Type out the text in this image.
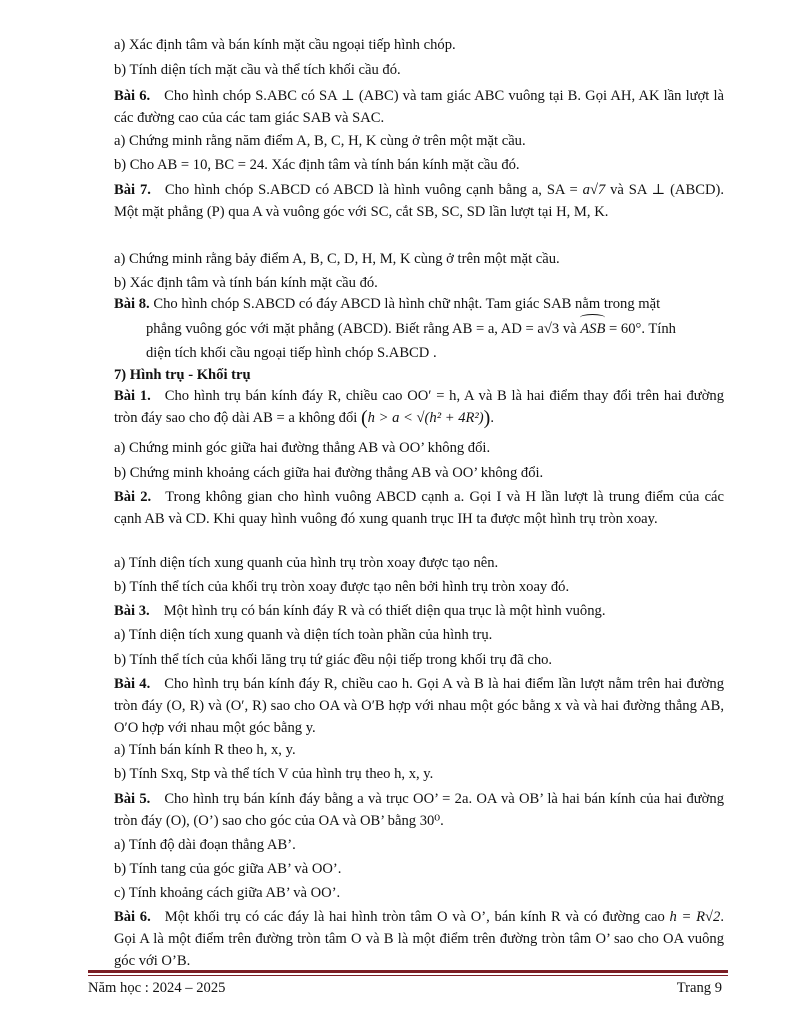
a) Xác định tâm và bán kính mặt cầu ngoại tiếp hình chóp.

b) Tính diện tích mặt cầu và thể tích khối cầu đó.

Bài 6. Cho hình chóp S.ABC có SA ⊥ (ABC) và tam giác ABC vuông tại B. Gọi AH, AK lần lượt là các đường cao của các tam giác SAB và SAC.

a) Chứng minh rằng năm điểm A, B, C, H, K cùng ở trên một mặt cầu.

b) Cho AB = 10, BC = 24. Xác định tâm và tính bán kính mặt cầu đó.

Bài 7. Cho hình chóp S.ABCD có ABCD là hình vuông cạnh bằng a, SA = a√7 và SA ⊥ (ABCD). Một mặt phẳng (P) qua A và vuông góc với SC, cắt SB, SC, SD lần lượt tại H, M, K.

a) Chứng minh rằng bảy điểm A, B, C, D, H, M, K cùng ở trên một mặt cầu.

b) Xác định tâm và tính bán kính mặt cầu đó.

Bài 8. Cho hình chóp S.ABCD có đáy ABCD là hình chữ nhật. Tam giác SAB nằm trong mặt

phẳng vuông góc với mặt phẳng (ABCD). Biết rằng AB = a, AD = a√3 và ASB = 60°. Tính

diện tích khối cầu ngoại tiếp hình chóp S.ABCD .

7) Hình trụ - Khối trụ

Bài 1. Cho hình trụ bán kính đáy R, chiều cao OO′ = h, A và B là hai điểm thay đổi trên hai đường tròn đáy sao cho độ dài AB = a không đổi (h > a < √(h² + 4R²)).

a) Chứng minh góc giữa hai đường thẳng AB và OO’ không đổi.

b) Chứng minh khoảng cách giữa hai đường thẳng AB và OO’ không đổi.

Bài 2. Trong không gian cho hình vuông ABCD cạnh a. Gọi I và H lần lượt là trung điểm của các cạnh AB và CD. Khi quay hình vuông đó xung quanh trục IH ta được một hình trụ tròn xoay.

a) Tính diện tích xung quanh của hình trụ tròn xoay được tạo nên.

b) Tính thể tích của khối trụ tròn xoay được tạo nên bởi hình trụ tròn xoay đó.

Bài 3. Một hình trụ có bán kính đáy R và có thiết diện qua trục là một hình vuông.

a) Tính diện tích xung quanh và diện tích toàn phần của hình trụ.

b) Tính thể tích của khối lăng trụ tứ giác đều nội tiếp trong khối trụ đã cho.

Bài 4. Cho hình trụ bán kính đáy R, chiều cao h. Gọi A và B là hai điểm lần lượt nằm trên hai đường tròn đáy (O, R) và (O′, R) sao cho OA và O′B hợp với nhau một góc bằng x và và hai đường thẳng AB, O′O hợp với nhau một góc bằng y.

a) Tính bán kính R theo h, x, y.

b) Tính Sxq, Stp và thể tích V của hình trụ theo h, x, y.

Bài 5. Cho hình trụ bán kính đáy bằng a và trục OO’ = 2a. OA và OB’ là hai bán kính của hai đường tròn đáy (O), (O’) sao cho góc của OA và OB’ bằng 30⁰.

a) Tính độ dài đoạn thẳng AB’.

b) Tính tang của góc giữa AB’ và OO’.

c) Tính khoảng cách giữa AB’ và OO’.

Bài 6. Một khối trụ có các đáy là hai hình tròn tâm O và O’, bán kính R và có đường cao h = R√2. Gọi A là một điểm trên đường tròn tâm O và B là một điểm trên đường tròn tâm O’ sao cho OA vuông góc với O’B.

Năm học : 2024 – 2025	Trang 9
